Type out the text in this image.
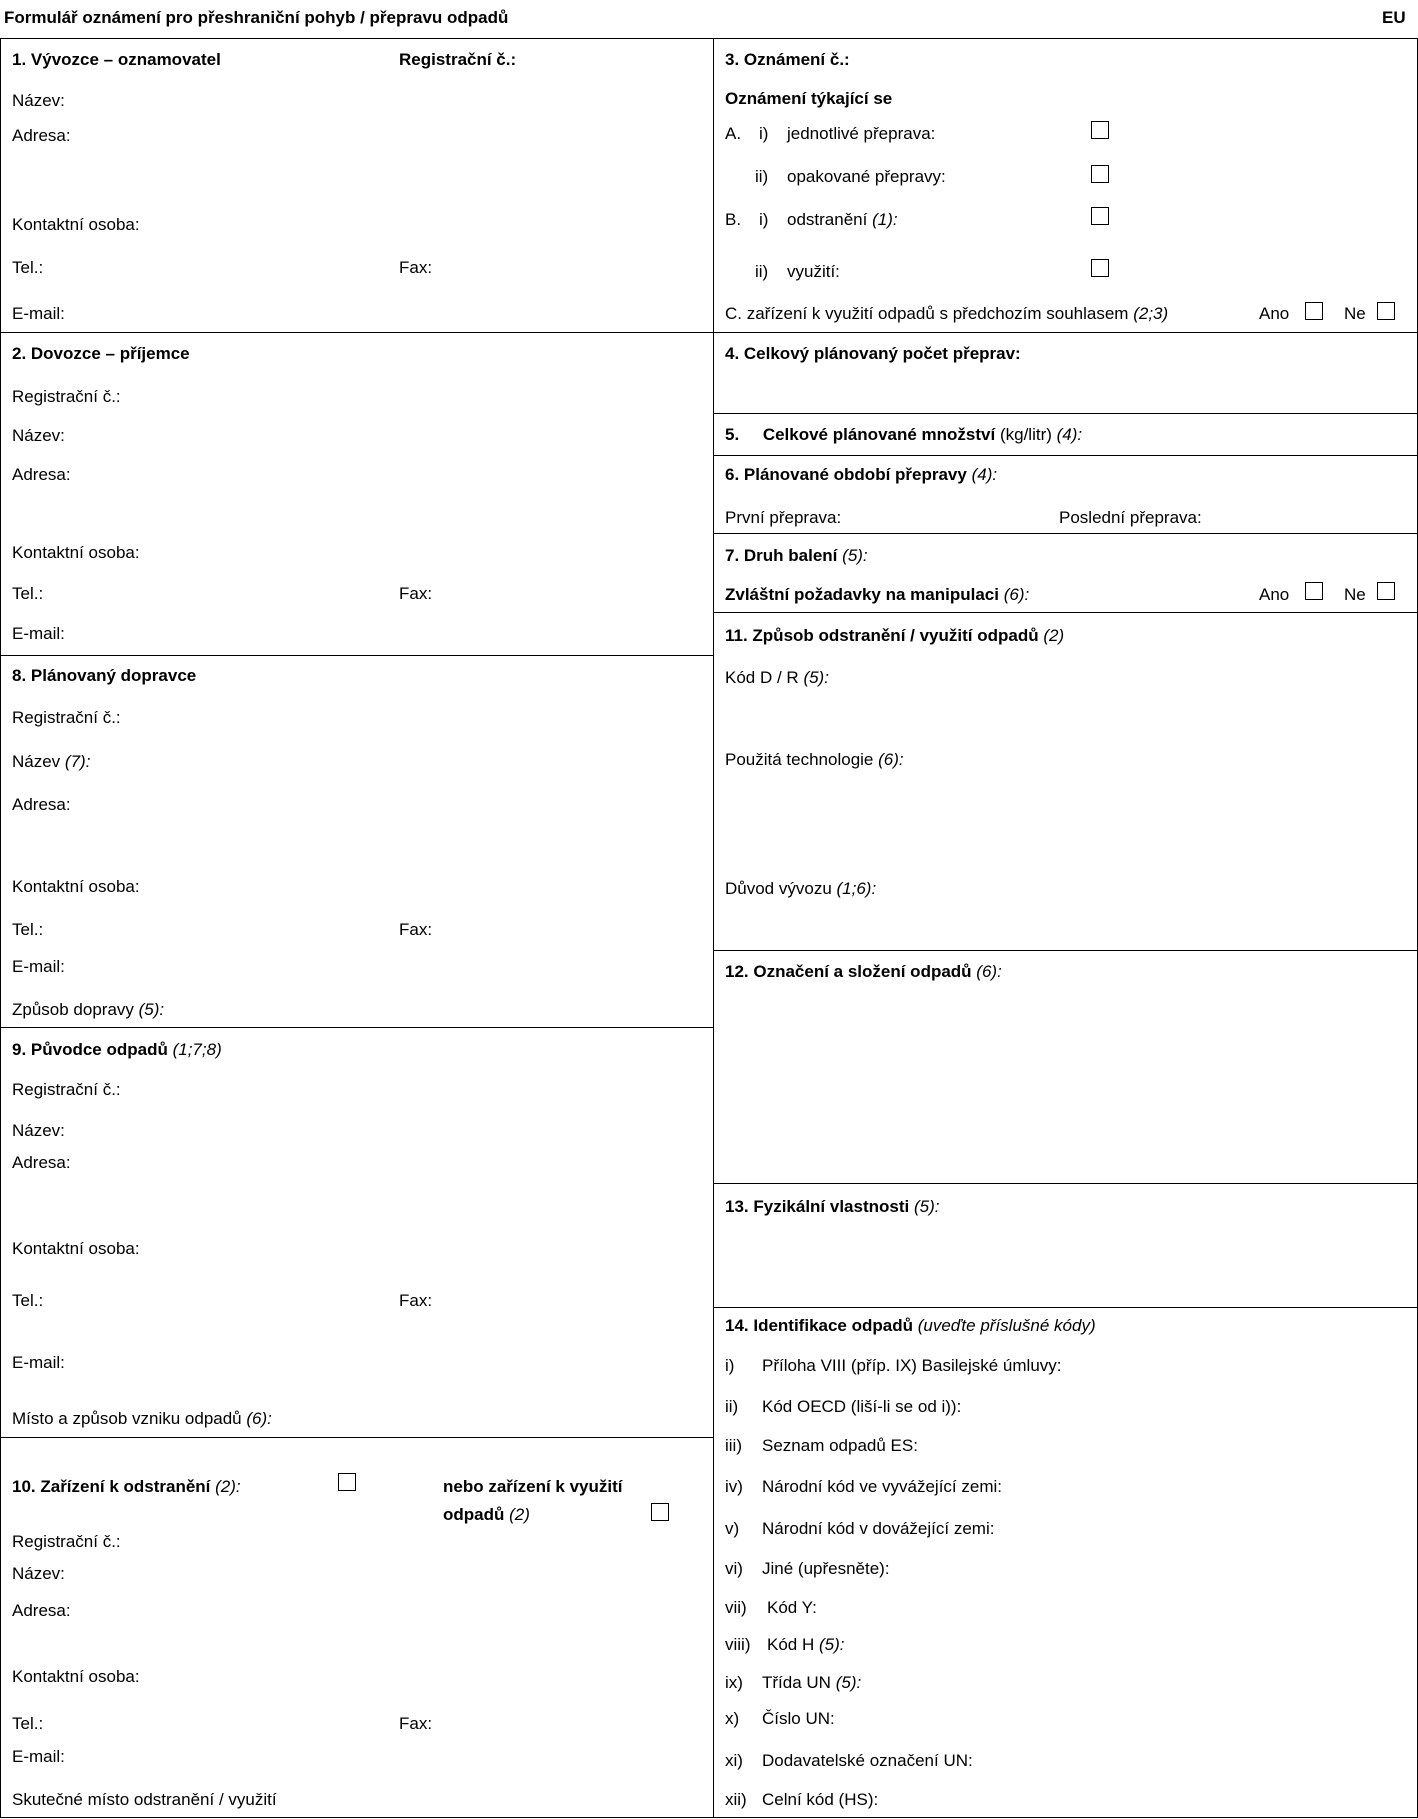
Formulář oznámení pro přeshraniční pohyb / přepravu odpadů	EU
1. Vývozce – oznamovatel	Registrační č.:
Název:
Adresa:
Kontaktní osoba:
Tel.:	Fax:
E-mail:
2. Dovozce – příjemce
Registrační č.:
Název:
Adresa:
Kontaktní osoba:
Tel.:	Fax:
E-mail:
8. Plánovaný dopravce
Registrační č.:
Název (7):
Adresa:
Kontaktní osoba:
Tel.:	Fax:
E-mail:
Způsob dopravy (5):
9. Původce odpadů (1;7;8)
Registrační č.:
Název:
Adresa:
Kontaktní osoba:
Tel.:	Fax:
E-mail:
Místo a způsob vzniku odpadů (6):
10. Zařízení k odstranění (2):	nebo zařízení k využití
odpadů (2)
Registrační č.:
Název:
Adresa:
Kontaktní osoba:
Tel.:	Fax:
E-mail:
Skutečné místo odstranění / využití
3. Oznámení č.:
Oznámení týkající se
A. i) jednotlivé přeprava:
ii) opakované přepravy:
B. i) odstranění (1):
ii) využití:
C. zařízení k využití odpadů s předchozím souhlasem (2;3)	Ano	Ne
4. Celkový plánovaný počet přeprav:
5. Celkové plánované množství (kg/litr) (4):
6. Plánované období přepravy (4):
První přeprava:	Poslední přeprava:
7. Druh balení (5):
Zvláštní požadavky na manipulaci (6):	Ano	Ne
11. Způsob odstranění / využití odpadů (2)
Kód D / R (5):
Použitá technologie (6):
Důvod vývozu (1;6):
12. Označení a složení odpadů (6):
13. Fyzikální vlastnosti (5):
14. Identifikace odpadů (uveďte příslušné kódy)
i) Příloha VIII (příp. IX) Basilejské úmluvy:
ii) Kód OECD (liší-li se od i)):
iii) Seznam odpadů ES:
iv) Národní kód ve vyvážející zemi:
v) Národní kód v dovážející zemi:
vi) Jiné (upřesněte):
vii) Kód Y:
viii) Kód H (5):
ix) Třída UN (5):
x) Číslo UN:
xi) Dodavatelské označení UN:
xii) Celní kód (HS):
